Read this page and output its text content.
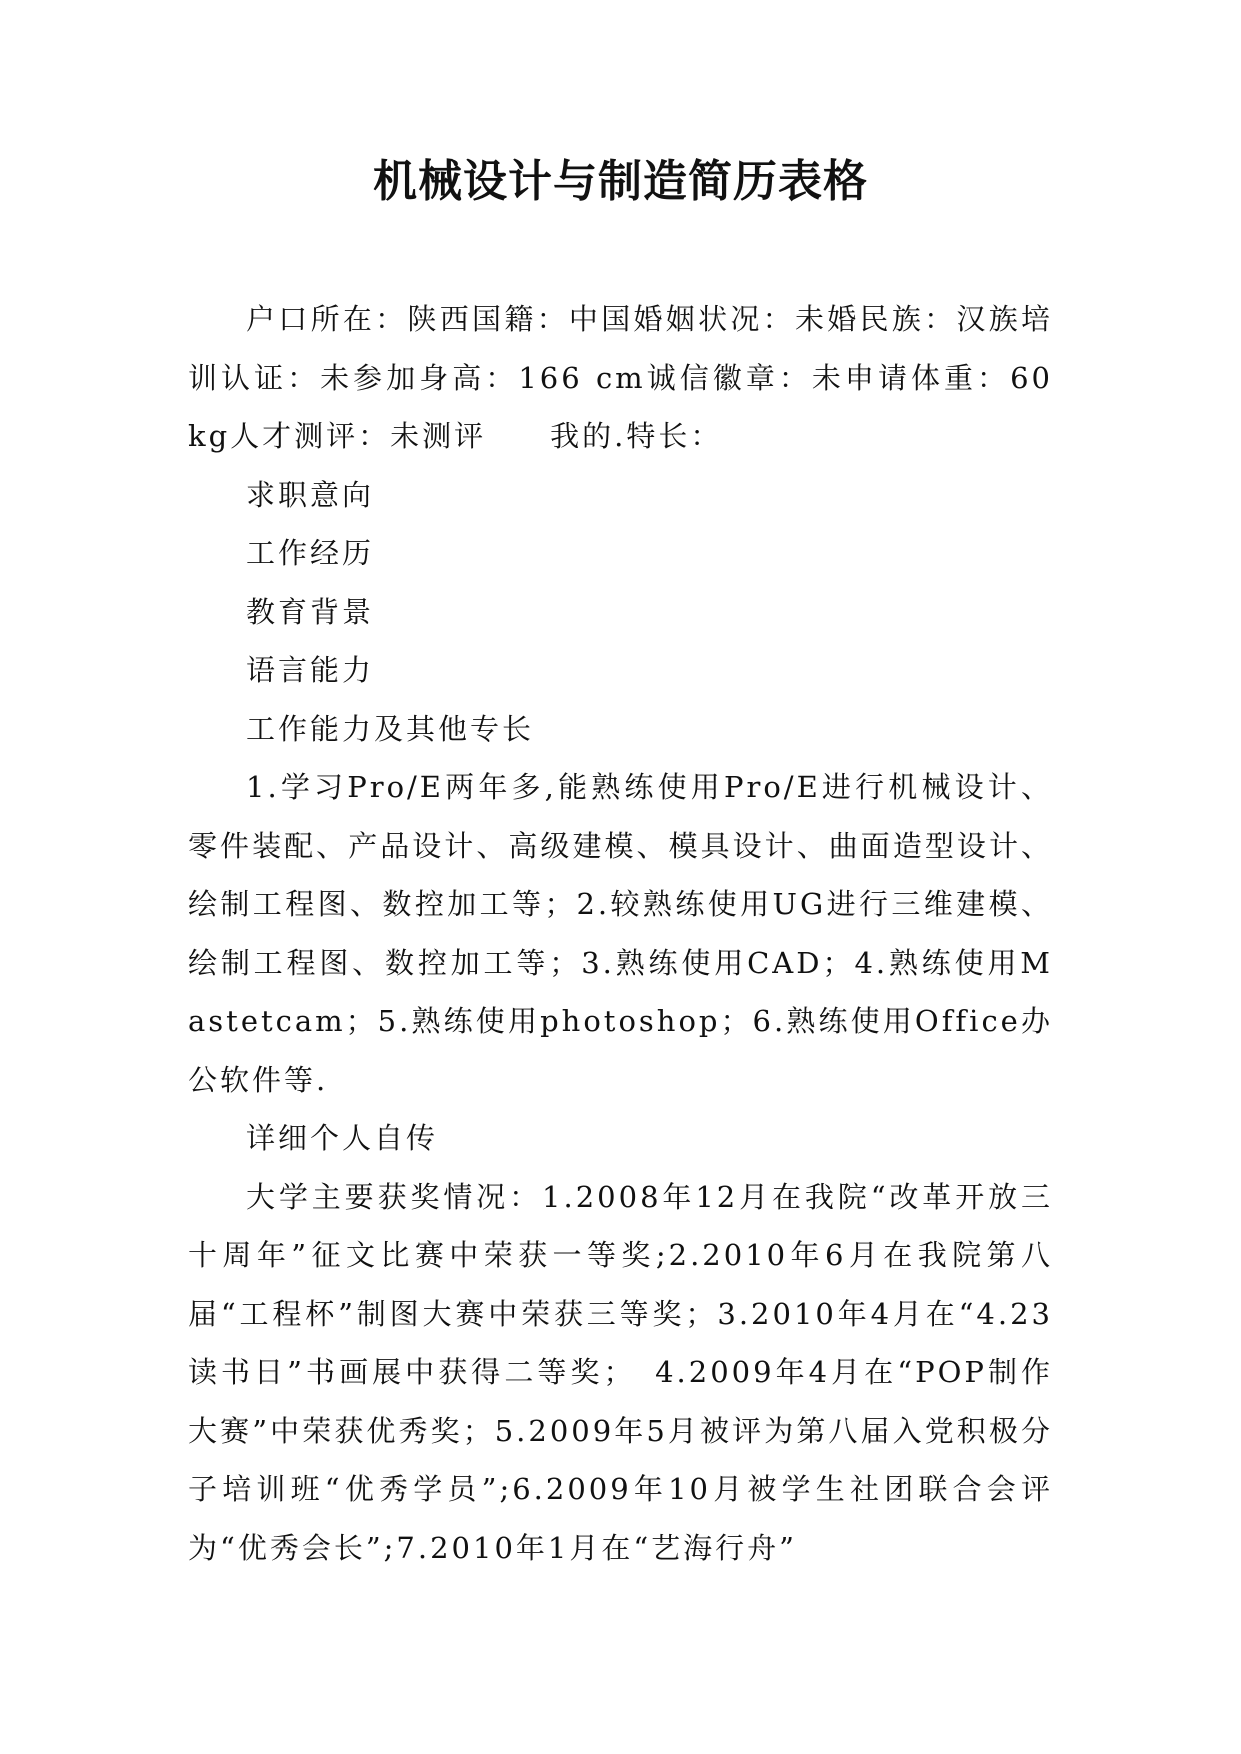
机械设计与制造简历表格

户口所在：陕西国籍：中国婚姻状况：未婚民族：汉族培训认证：未参加身高：166 cm诚信徽章：未申请体重：60 kg人才测评：未测评　　我的.特长：

求职意向

工作经历

教育背景

语言能力

工作能力及其他专长

1.学习Pro/E两年多,能熟练使用Pro/E进行机械设计、零件装配、产品设计、高级建模、模具设计、曲面造型设计、绘制工程图、数控加工等；2.较熟练使用UG进行三维建模、绘制工程图、数控加工等；3.熟练使用CAD；4.熟练使用Mastetcam；5.熟练使用photoshop；6.熟练使用Office办公软件等.

详细个人自传

大学主要获奖情况：1.2008年12月在我院“改革开放三十周年”征文比赛中荣获一等奖;2.2010年6月在我院第八届“工程杯”制图大赛中荣获三等奖；3.2010年4月在“4.23读书日”书画展中获得二等奖；　4.2009年4月在“POP制作大赛”中荣获优秀奖；5.2009年5月被评为第八届入党积极分子培训班“优秀学员”;6.2009年10月被学生社团联合会评为“优秀会长”;7.2010年1月在“艺海行舟”
